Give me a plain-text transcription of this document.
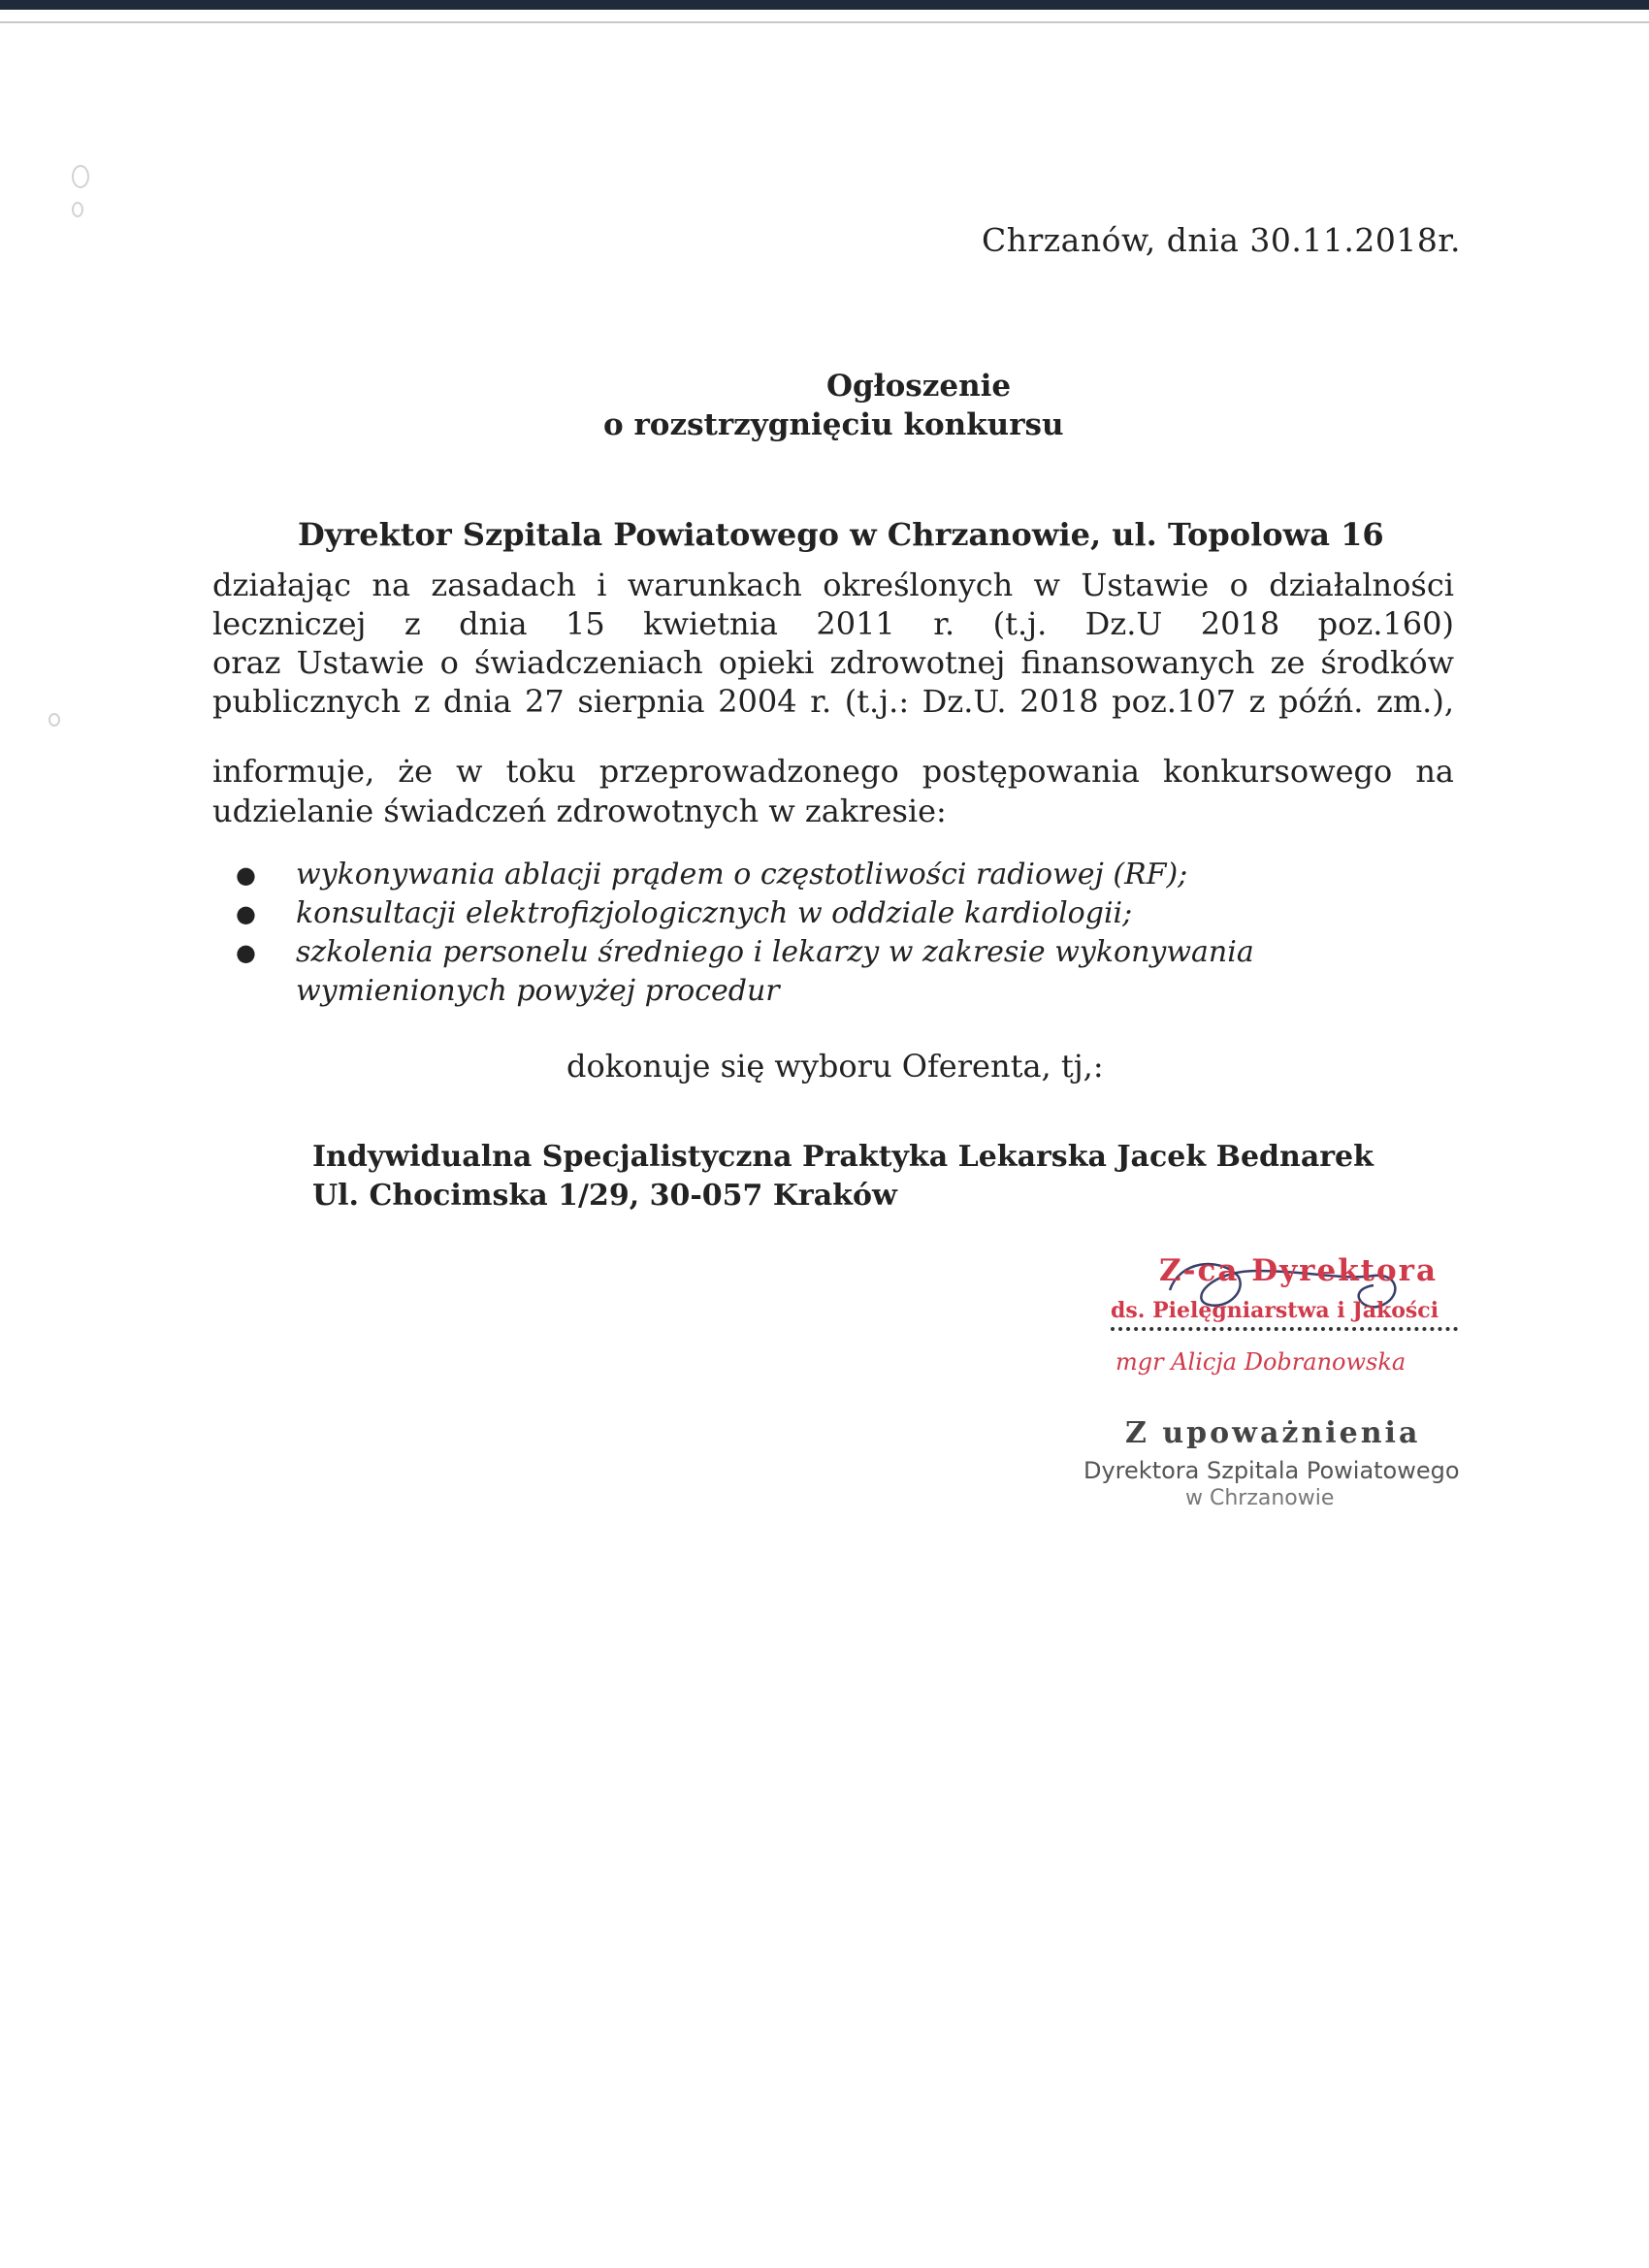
Chrzanów, dnia 30.11.2018r.
Ogłoszenie
o rozstrzygnięciu konkursu
Dyrektor Szpitala Powiatowego w Chrzanowie, ul. Topolowa 16
działając na zasadach i warunkach określonych w Ustawie o działalności
leczniczej z dnia 15 kwietnia 2011 r. (t.j. Dz.U 2018 poz.160)
oraz Ustawie o świadczeniach opieki zdrowotnej finansowanych ze środków
publicznych z dnia 27 sierpnia 2004 r. (t.j.: Dz.U. 2018 poz.107 z późń. zm.),
informuje, że w toku przeprowadzonego postępowania konkursowego na
udzielanie świadczeń zdrowotnych w zakresie:
● wykonywania ablacji prądem o częstotliwości radiowej (RF);
● konsultacji elektrofizjologicznych w oddziale kardiologii;
● szkolenia personelu średniego i lekarzy w zakresie wykonywania
wymienionych powyżej procedur
dokonuje się wyboru Oferenta, tj,:
Indywidualna Specjalistyczna Praktyka Lekarska Jacek Bednarek
Ul. Chocimska 1/29, 30-057 Kraków
Z-ca Dyrektora
ds. Pielęgniarstwa i Jakości
mgr Alicja Dobranowska
Z upoważnienia
Dyrektora Szpitala Powiatowego
w Chrzanowie
